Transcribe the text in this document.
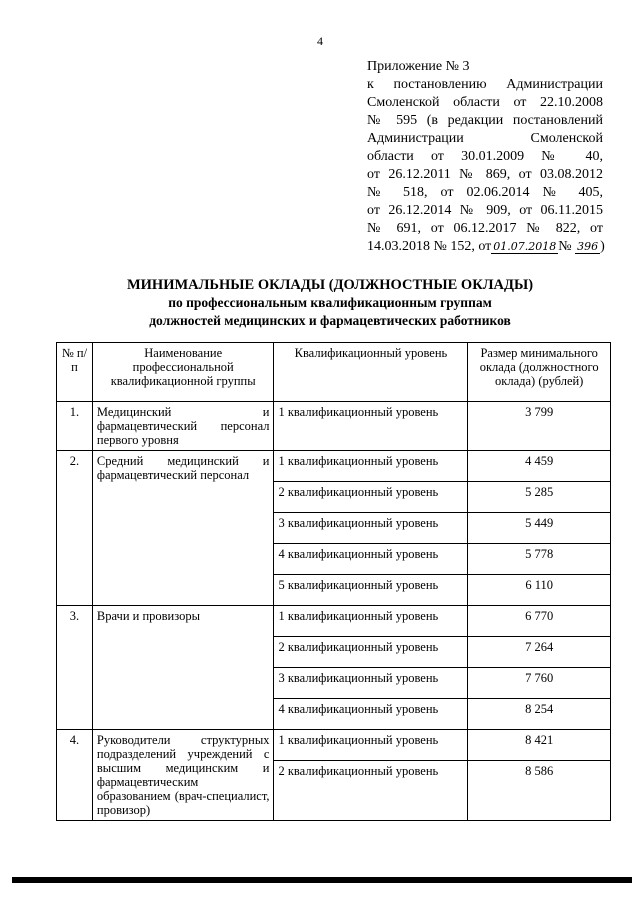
4
Приложение № 3
к постановлению Администрации
Смоленской области от 22.10.2008
№ 595 (в редакции постановлений
Администрации Смоленской
области от 30.01.2009 № 40,
от 26.12.2011 № 869, от 03.08.2012
№ 518, от 02.06.2014 № 405,
от 26.12.2014 № 909, от 06.11.2015
№ 691, от 06.12.2017 № 822, от
14.03.2018 № 152, от 01.07.2018 № 396 )
МИНИМАЛЬНЫЕ ОКЛАДЫ (ДОЛЖНОСТНЫЕ ОКЛАДЫ)
по профессиональным квалификационным группам
должностей медицинских и фармацевтических работников
№ п/п	Наименование профессиональной квалификационной группы	Квалификационный уровень	Размер минимального оклада (должностного оклада) (рублей)
1.	Медицинский и фармацевтический персонал первого уровня	1 квалификационный уровень	3 799
2.	Средний медицинский и фармацевтический персонал	1 квалификационный уровень	4 459
		2 квалификационный уровень	5 285
		3 квалификационный уровень	5 449
		4 квалификационный уровень	5 778
		5 квалификационный уровень	6 110
3.	Врачи и провизоры	1 квалификационный уровень	6 770
		2 квалификационный уровень	7 264
		3 квалификационный уровень	7 760
		4 квалификационный уровень	8 254
4.	Руководители структурных подразделений учреждений с высшим медицинским и фармацевтическим образованием (врач-специалист, провизор)	1 квалификационный уровень	8 421
		2 квалификационный уровень	8 586
